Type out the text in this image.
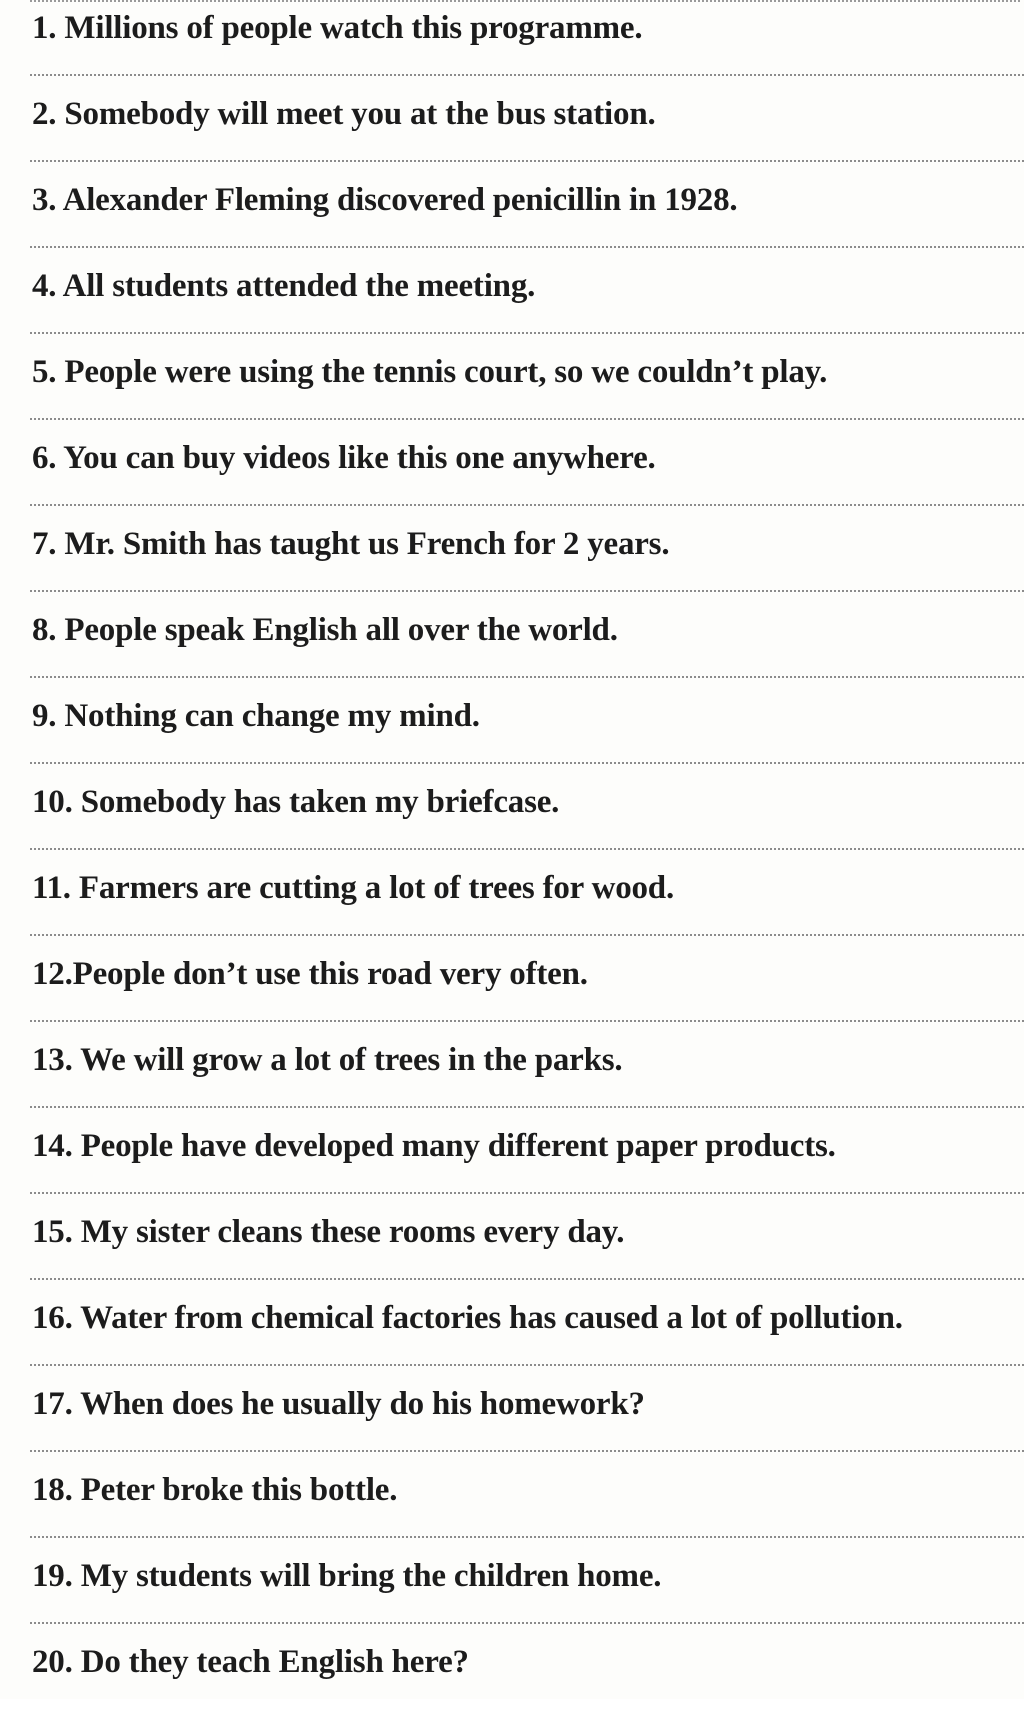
1. Millions of people watch this programme.

2. Somebody will meet you at the bus station.

3. Alexander Fleming discovered penicillin in 1928.

4. All students attended the meeting.

5. People were using the tennis court, so we couldn’t play.

6. You can buy videos like this one anywhere.

7. Mr. Smith has taught us French for 2 years.

8. People speak English all over the world.

9. Nothing can change my mind.

10. Somebody has taken my briefcase.

11. Farmers are cutting a lot of trees for wood.

12.People don’t use this road very often.

13. We will grow a lot of trees in the parks.

14. People have developed many different paper products.

15. My sister cleans these rooms every day.

16. Water from chemical factories has caused a lot of pollution.

17. When does he usually do his homework?

18. Peter broke this bottle.

19. My students will bring the children home.

20. Do they teach English here?
